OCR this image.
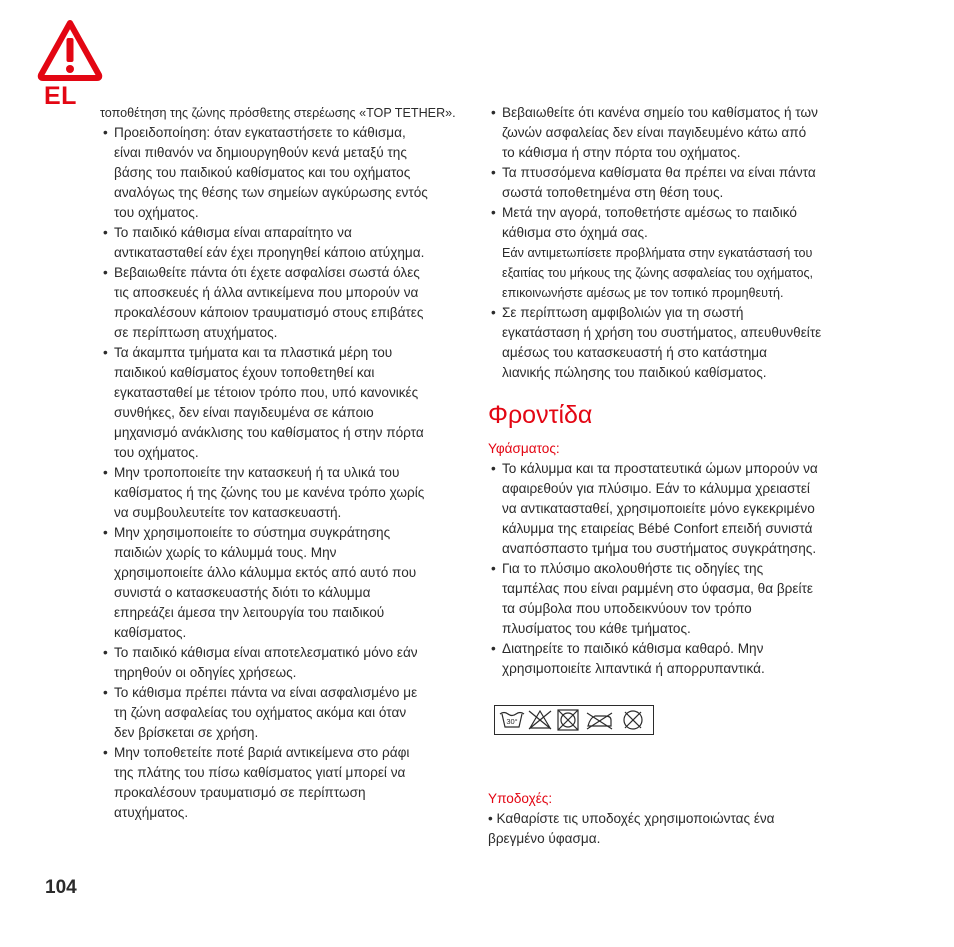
EL
τοποθέτηση της ζώνης πρόσθετης στερέωσης «TOP TETHER».
• Προειδοποίηση: όταν εγκαταστήσετε το κάθισμα,
είναι πιθανόν να δημιουργηθούν κενά μεταξύ της
βάσης του παιδικού καθίσματος και του οχήματος
αναλόγως της θέσης των σημείων αγκύρωσης εντός
του οχήματος.
• Το παιδικό κάθισμα είναι απαραίτητο να
αντικατασταθεί εάν έχει προηγηθεί κάποιο ατύχημα.
• Βεβαιωθείτε πάντα ότι έχετε ασφαλίσει σωστά όλες
τις αποσκευές ή άλλα αντικείμενα που μπορούν να
προκαλέσουν κάποιον τραυματισμό στους επιβάτες
σε περίπτωση ατυχήματος.
• Τα άκαμπτα τμήματα και τα πλαστικά μέρη του
παιδικού καθίσματος έχουν τοποθετηθεί και
εγκατασταθεί με τέτοιον τρόπο που, υπό κανονικές
συνθήκες, δεν είναι παγιδευμένα σε κάποιο
μηχανισμό ανάκλισης του καθίσματος ή στην πόρτα
του οχήματος.
• Μην τροποποιείτε την κατασκευή ή τα υλικά του
καθίσματος ή της ζώνης του με κανένα τρόπο χωρίς
να συμβουλευτείτε τον κατασκευαστή.
• Μην χρησιμοποιείτε το σύστημα συγκράτησης
παιδιών χωρίς το κάλυμμά τους. Μην
χρησιμοποιείτε άλλο κάλυμμα εκτός από αυτό που
συνιστά ο κατασκευαστής διότι το κάλυμμα
επηρεάζει άμεσα την λειτουργία του παιδικού
καθίσματος.
• Το παιδικό κάθισμα είναι αποτελεσματικό μόνο εάν
τηρηθούν οι οδηγίες χρήσεως.
• Το κάθισμα πρέπει πάντα να είναι ασφαλισμένο με
τη ζώνη ασφαλείας του οχήματος ακόμα και όταν
δεν βρίσκεται σε χρήση.
• Μην τοποθετείτε ποτέ βαριά αντικείμενα στο ράφι
της πλάτης του πίσω καθίσματος γιατί μπορεί να
προκαλέσουν τραυματισμό σε περίπτωση
ατυχήματος.
• Βεβαιωθείτε ότι κανένα σημείο του καθίσματος ή των
ζωνών ασφαλείας δεν είναι παγιδευμένο κάτω από
το κάθισμα ή στην πόρτα του οχήματος.
• Τα πτυσσόμενα καθίσματα θα πρέπει να είναι πάντα
σωστά τοποθετημένα στη θέση τους.
• Μετά την αγορά, τοποθετήστε αμέσως το παιδικό
κάθισμα στο όχημά σας.
Εάν αντιμετωπίσετε προβλήματα στην εγκατάστασή του
εξαιτίας του μήκους της ζώνης ασφαλείας του οχήματος,
επικοινωνήστε αμέσως με τον τοπικό προμηθευτή.
• Σε περίπτωση αμφιβολιών για τη σωστή
εγκατάσταση ή χρήση του συστήματος, απευθυνθείτε
αμέσως του κατασκευαστή ή στο κατάστημα
λιανικής πώλησης του παιδικού καθίσματος.
Φροντίδα
Υφάσματος:
• Το κάλυμμα και τα προστατευτικά ώμων μπορούν να
αφαιρεθούν για πλύσιμο. Εάν το κάλυμμα χρειαστεί
να αντικατασταθεί, χρησιμοποιείτε μόνο εγκεκριμένο
κάλυμμα της εταιρείας Bébé Confort επειδή συνιστά
αναπόσπαστο τμήμα του συστήματος συγκράτησης.
• Για το πλύσιμο ακολουθήστε τις οδηγίες της
ταμπέλας που είναι ραμμένη στο ύφασμα, θα βρείτε
τα σύμβολα που υποδεικνύουν τον τρόπο
πλυσίματος του κάθε τμήματος.
• Διατηρείτε το παιδικό κάθισμα καθαρό. Μην
χρησιμοποιείτε λιπαντικά ή απορρυπαντικά.
30°
Υποδοχές:
• Καθαρίστε τις υποδοχές χρησιμοποιώντας ένα
βρεγμένο ύφασμα.
104
